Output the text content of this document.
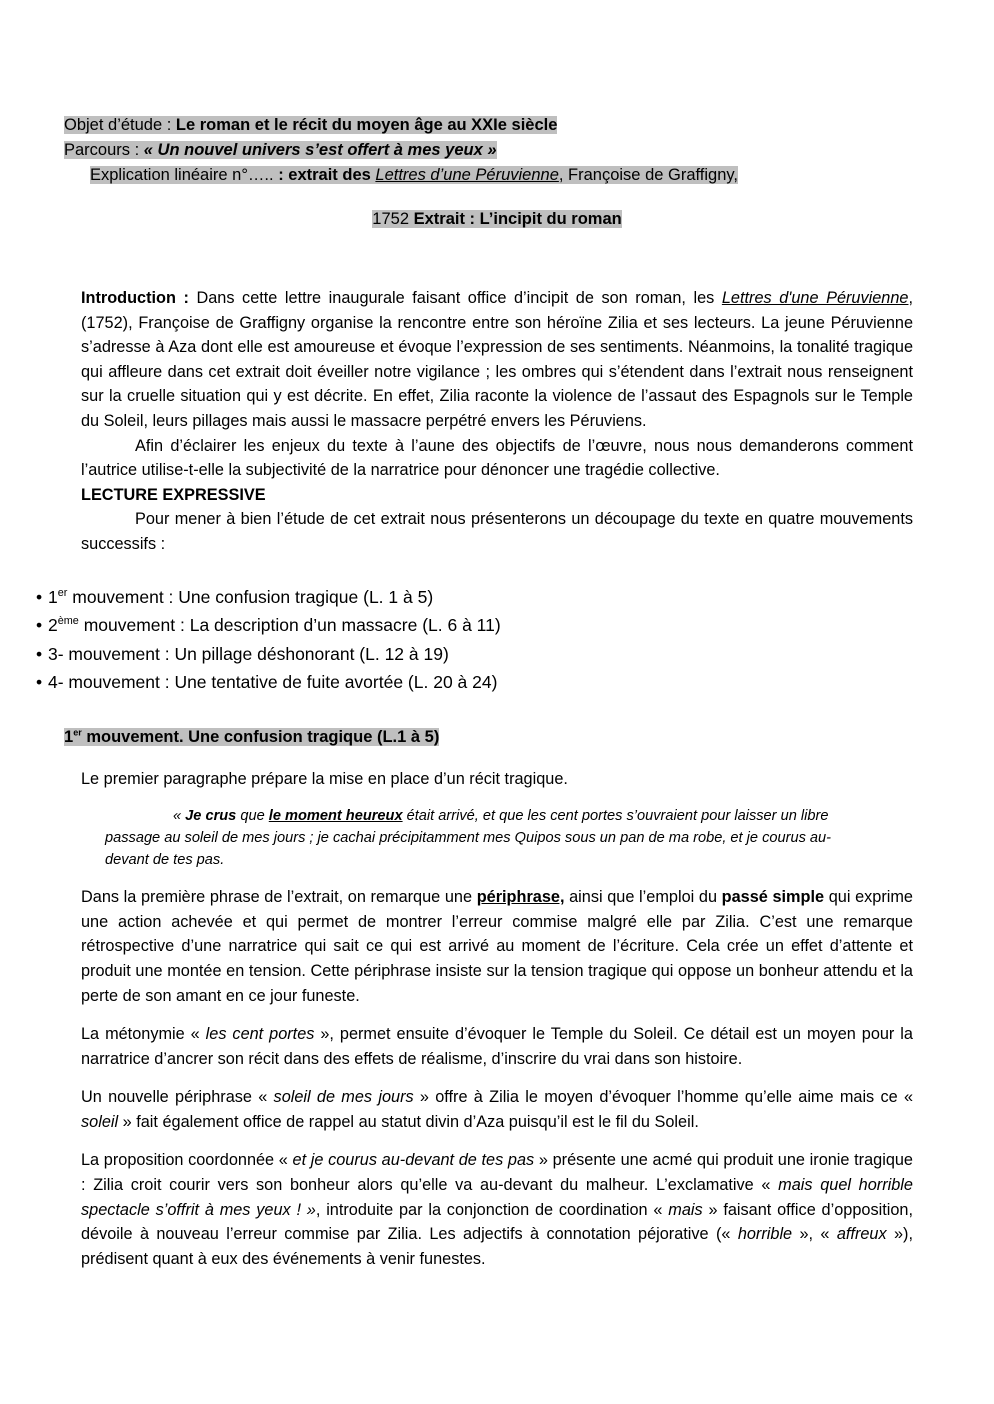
Objet d’étude : Le roman et le récit du moyen âge au XXIe siècle
Parcours : « Un nouvel univers s’est offert à mes yeux »
Explication linéaire n°….. : extrait des Lettres d’une Péruvienne, Françoise de Graffigny,
1752 Extrait : L’incipit du roman

Introduction : Dans cette lettre inaugurale faisant office d’incipit de son roman, les Lettres d'une Péruvienne, (1752), Françoise de Graffigny organise la rencontre entre son héroïne Zilia et ses lecteurs. La jeune Péruvienne s’adresse à Aza dont elle est amoureuse et évoque l’expression de ses sentiments. Néanmoins, la tonalité tragique qui affleure dans cet extrait doit éveiller notre vigilance ; les ombres qui s’étendent dans l’extrait nous renseignent sur la cruelle situation qui y est décrite. En effet, Zilia raconte la violence de l’assaut des Espagnols sur le Temple du Soleil, leurs pillages mais aussi le massacre perpétré envers les Péruviens.

Afin d’éclairer les enjeux du texte à l’aune des objectifs de l’œuvre, nous nous demanderons comment l’autrice utilise-t-elle la subjectivité de la narratrice pour dénoncer une tragédie collective.

LECTURE EXPRESSIVE

Pour mener à bien l’étude de cet extrait nous présenterons un découpage du texte en quatre mouvements successifs :

• 1er mouvement : Une confusion tragique (L. 1 à 5)
• 2ème mouvement : La description d’un massacre (L. 6 à 11)
• 3- mouvement : Un pillage déshonorant (L. 12 à 19)
• 4- mouvement : Une tentative de fuite avortée (L. 20 à 24)
1er mouvement. Une confusion tragique (L.1 à 5)

Le premier paragraphe prépare la mise en place d’un récit tragique.

« Je crus que le moment heureux était arrivé, et que les cent portes s’ouvraient pour laisser un libre passage au soleil de mes jours ; je cachai précipitamment mes Quipos sous un pan de ma robe, et je courus au-devant de tes pas.

Dans la première phrase de l’extrait, on remarque une périphrase, ainsi que l’emploi du passé simple qui exprime une action achevée et qui permet de montrer l’erreur commise malgré elle par Zilia. C’est une remarque rétrospective d’une narratrice qui sait ce qui est arrivé au moment de l’écriture. Cela crée un effet d’attente et produit une montée en tension. Cette périphrase insiste sur la tension tragique qui oppose un bonheur attendu et la perte de son amant en ce jour funeste.

La métonymie « les cent portes », permet ensuite d’évoquer le Temple du Soleil. Ce détail est un moyen pour la narratrice d’ancrer son récit dans des effets de réalisme, d’inscrire du vrai dans son histoire.

Un nouvelle périphrase « soleil de mes jours » offre à Zilia le moyen d’évoquer l’homme qu’elle aime mais ce « soleil » fait également office de rappel au statut divin d’Aza puisqu’il est le fil du Soleil.

La proposition coordonnée « et je courus au-devant de tes pas » présente une acmé qui produit une ironie tragique : Zilia croit courir vers son bonheur alors qu’elle va au-devant du malheur. L’exclamative « mais quel horrible spectacle s’offrit à mes yeux ! », introduite par la conjonction de coordination « mais » faisant office d’opposition, dévoile à nouveau l’erreur commise par Zilia. Les adjectifs à connotation péjorative (« horrible », « affreux »), prédisent quant à eux des événements à venir funestes.
